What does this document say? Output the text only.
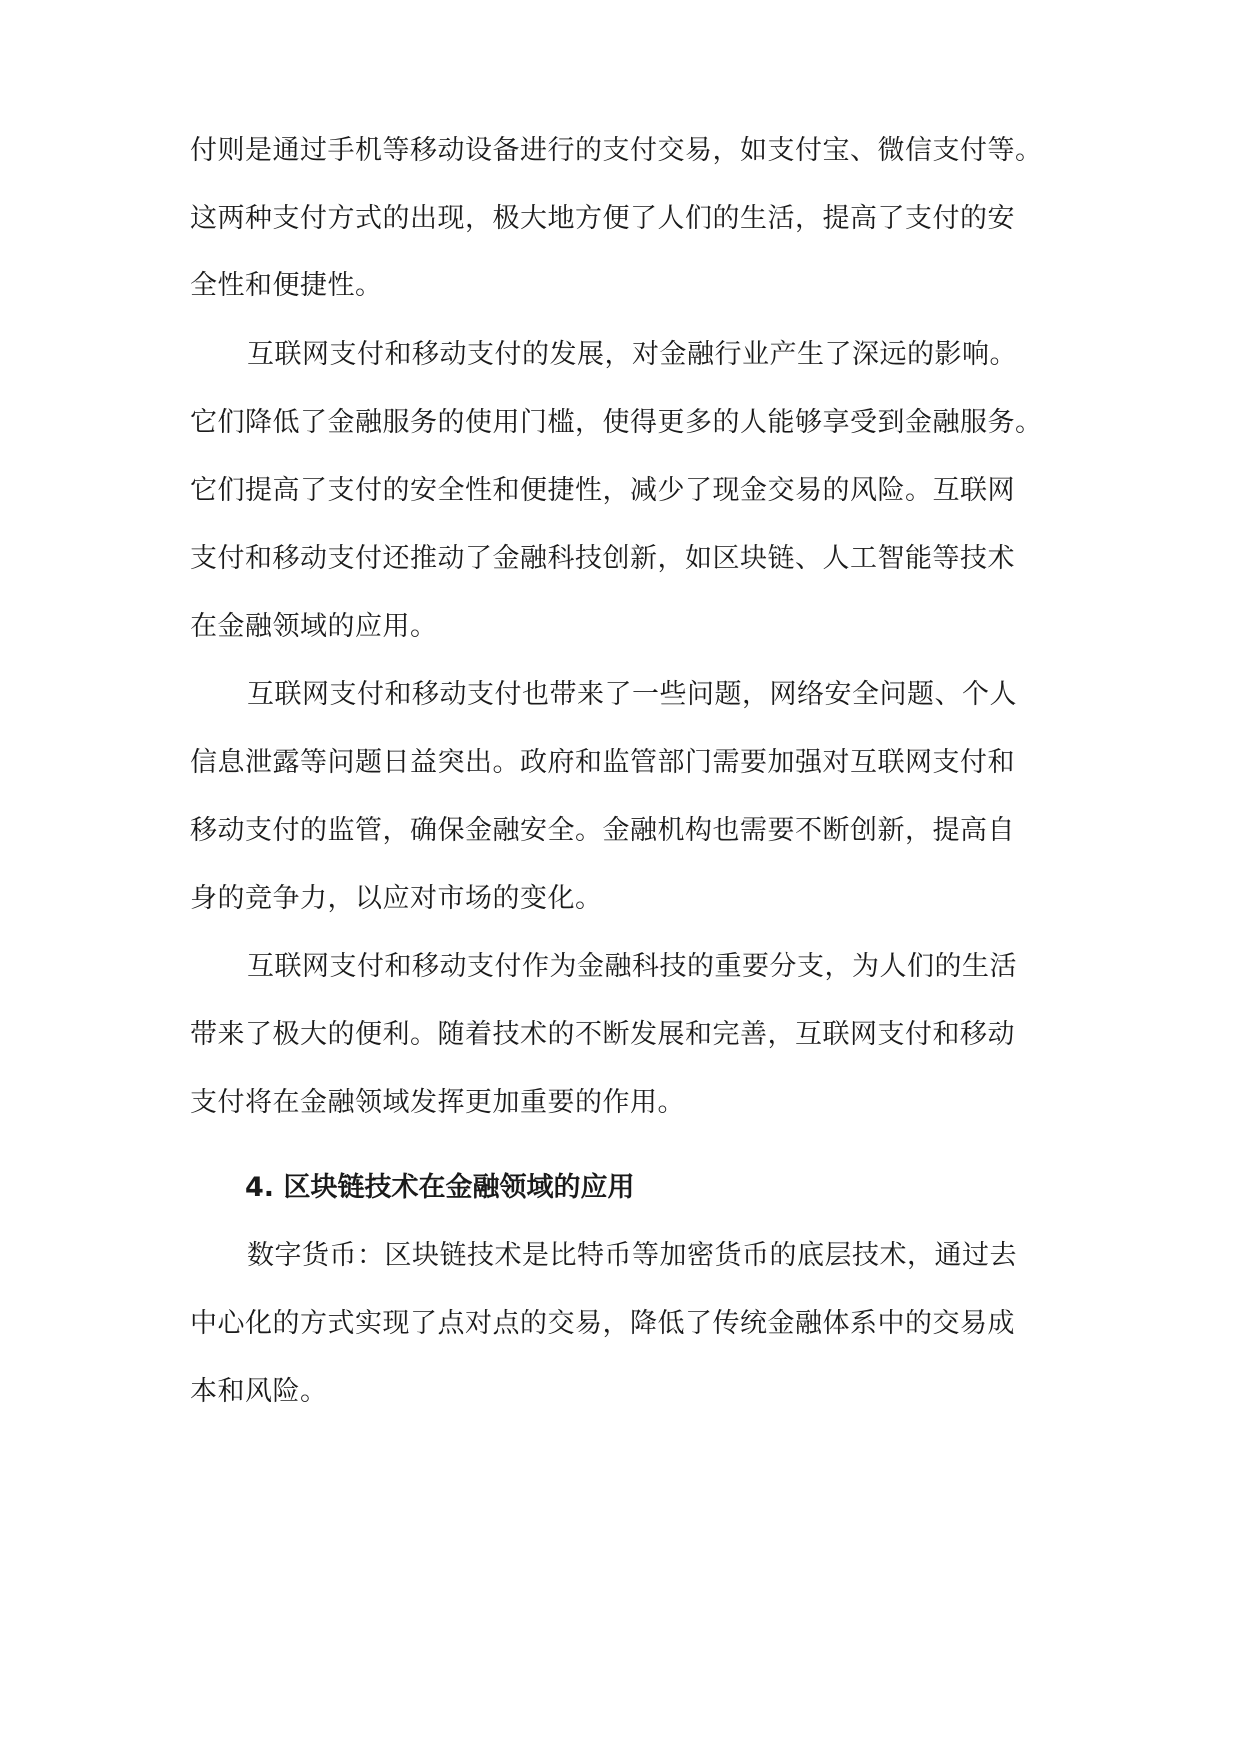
付则是通过手机等移动设备进行的支付交易，如支付宝、微信支付等。

这两种支付方式的出现，极大地方便了人们的生活，提高了支付的安

全性和便捷性。

互联网支付和移动支付的发展，对金融行业产生了深远的影响。

它们降低了金融服务的使用门槛，使得更多的人能够享受到金融服务。

它们提高了支付的安全性和便捷性，减少了现金交易的风险。互联网

支付和移动支付还推动了金融科技创新，如区块链、人工智能等技术

在金融领域的应用。

互联网支付和移动支付也带来了一些问题，网络安全问题、个人

信息泄露等问题日益突出。政府和监管部门需要加强对互联网支付和

移动支付的监管，确保金融安全。金融机构也需要不断创新，提高自

身的竞争力，以应对市场的变化。

互联网支付和移动支付作为金融科技的重要分支，为人们的生活

带来了极大的便利。随着技术的不断发展和完善，互联网支付和移动

支付将在金融领域发挥更加重要的作用。

4. 区块链技术在金融领域的应用

数字货币：区块链技术是比特币等加密货币的底层技术，通过去

中心化的方式实现了点对点的交易，降低了传统金融体系中的交易成

本和风险。
